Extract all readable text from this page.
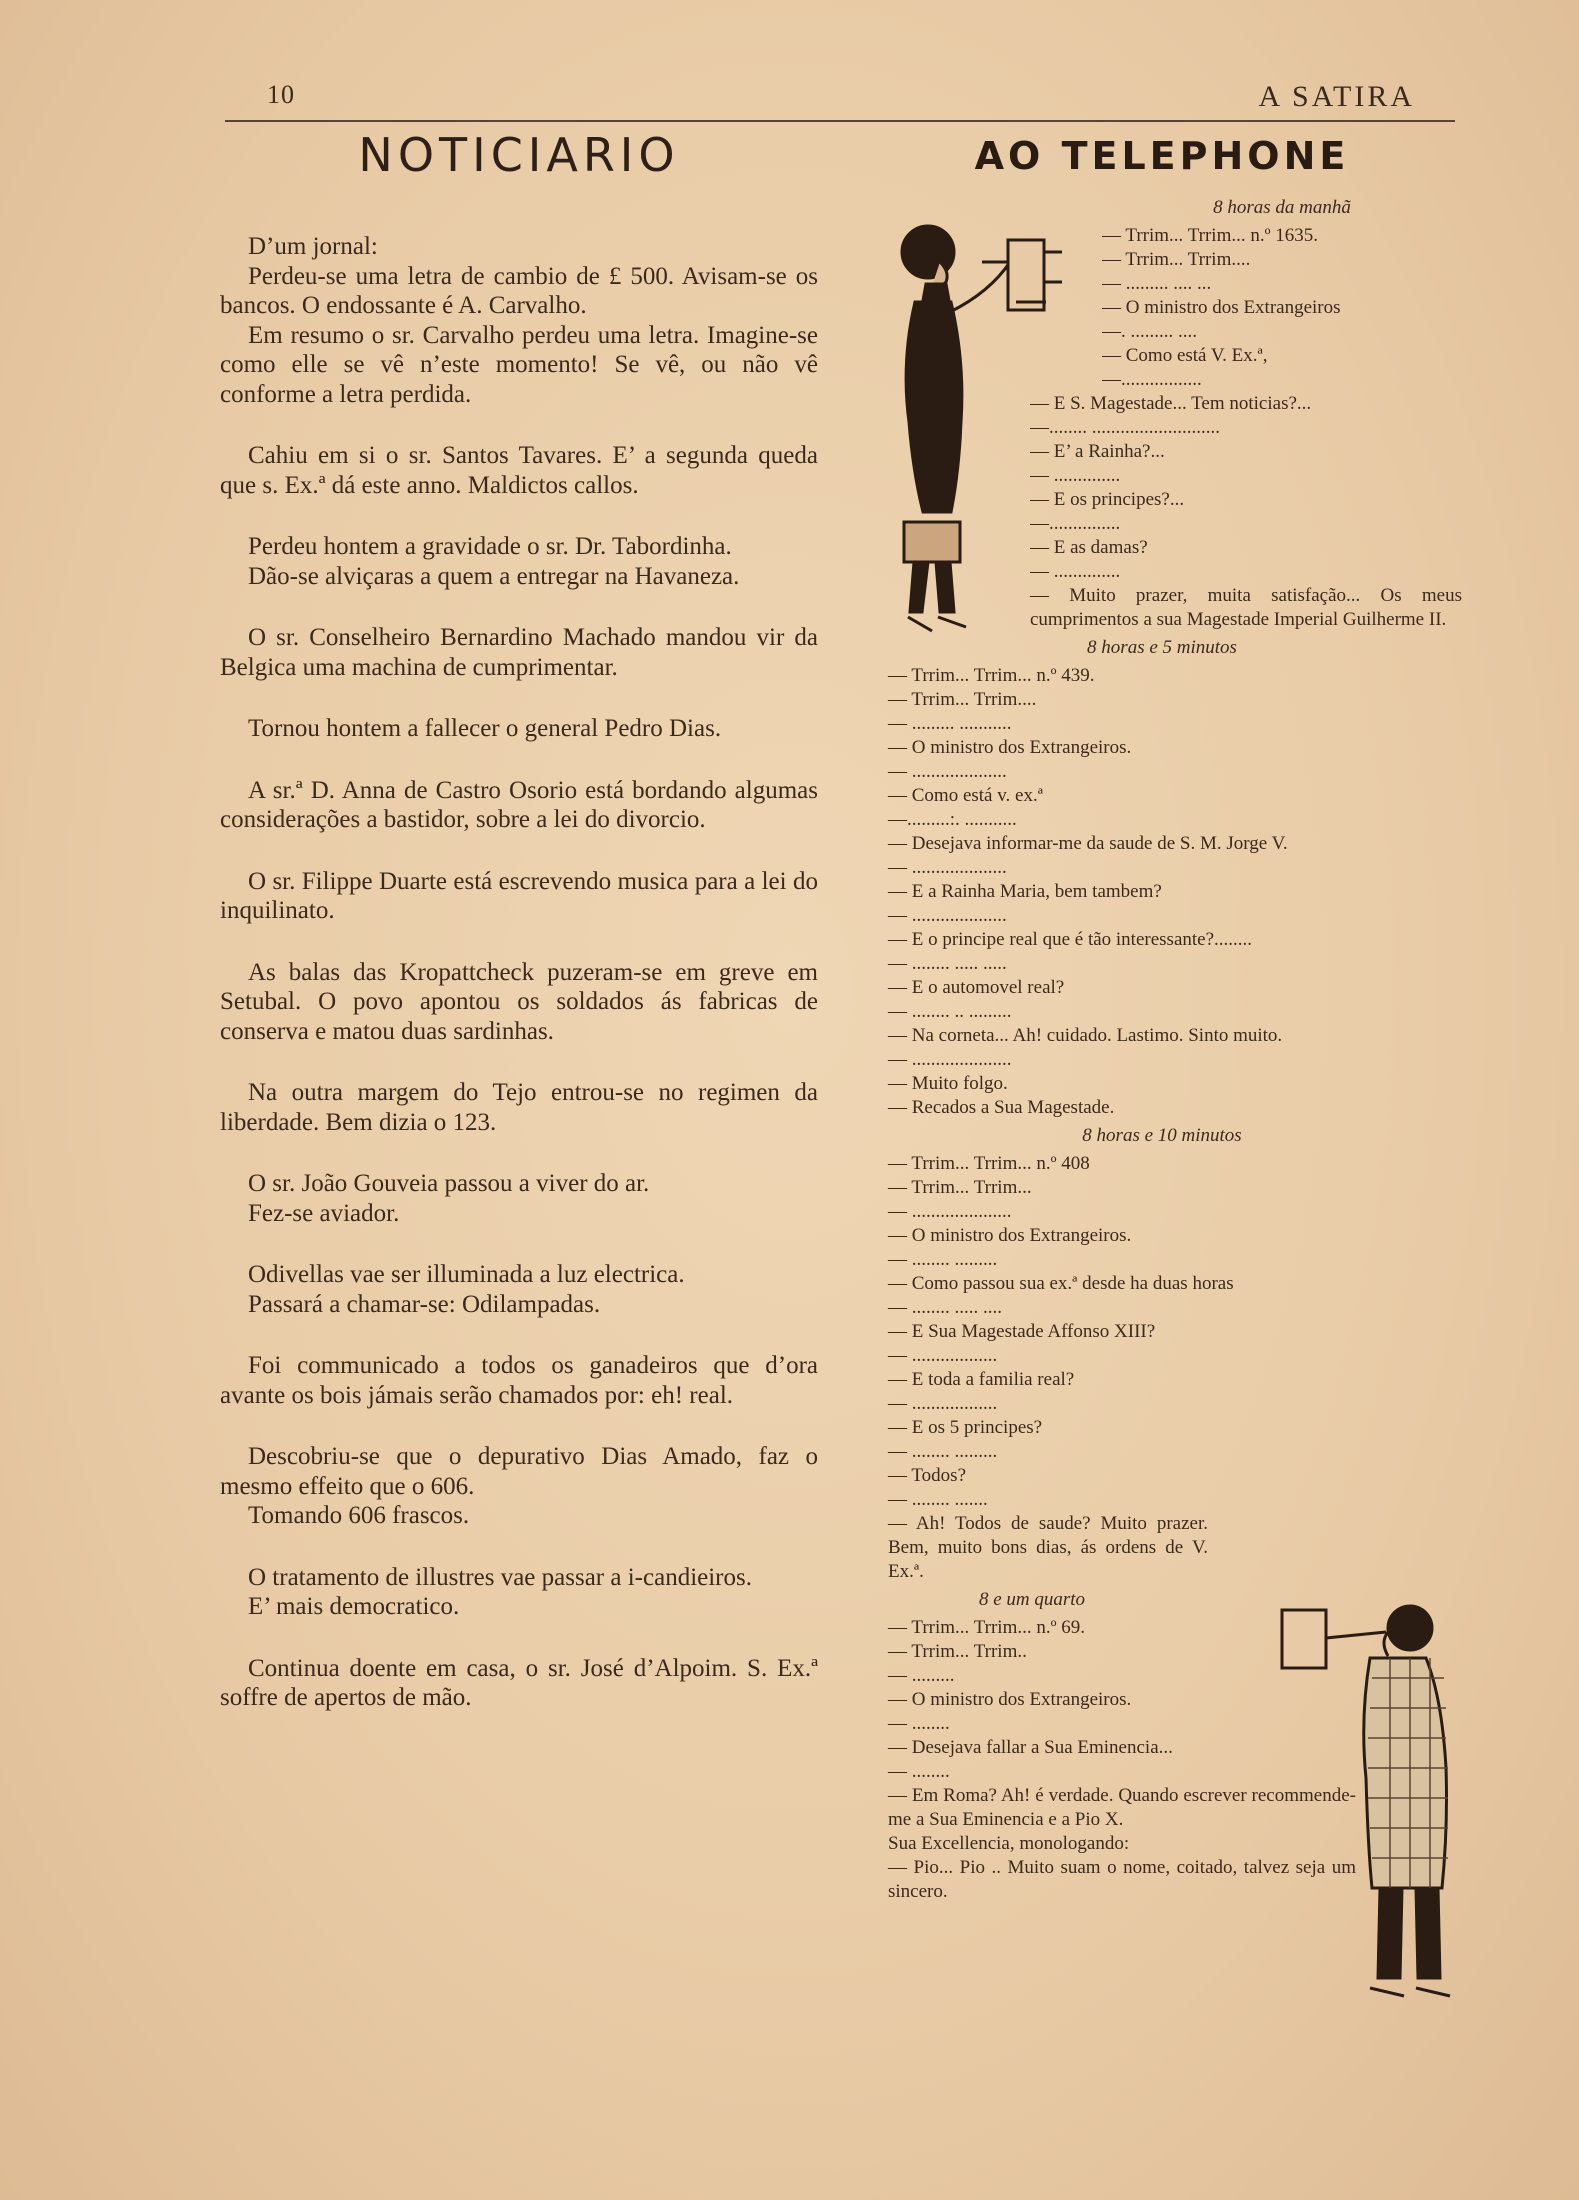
10	A SATIRA
NOTICIARIO

D’um jornal:

Perdeu-se uma letra de cambio de £ 500. Avisam-se os bancos. O endossante é A. Carvalho.

Em resumo o sr. Carvalho perdeu uma letra. Imagine-se como elle se vê n’este momento! Se vê, ou não vê conforme a letra perdida.

Cahiu em si o sr. Santos Tavares. E’ a segunda queda que s. Ex.ª dá este anno. Maldictos callos.

Perdeu hontem a gravidade o sr. Dr. Tabordinha.

Dão-se alviçaras a quem a entregar na Havaneza.

O sr. Conselheiro Bernardino Machado mandou vir da Belgica uma machina de cumprimentar.

Tornou hontem a fallecer o general Pedro Dias.

A sr.ª D. Anna de Castro Osorio está bordando algumas considerações a bastidor, sobre a lei do divorcio.

O sr. Filippe Duarte está escrevendo musica para a lei do inquilinato.

As balas das Kropattcheck puzeram-se em greve em Setubal. O povo apontou os soldados ás fabricas de conserva e matou duas sardinhas.

Na outra margem do Tejo entrou-se no regimen da liberdade. Bem dizia o 123.

O sr. João Gouveia passou a viver do ar.

Fez-se aviador.

Odivellas vae ser illuminada a luz electrica.

Passará a chamar-se: Odilampadas.

Foi communicado a todos os ganadeiros que d’ora avante os bois jámais serão chamados por: eh! real.

Descobriu-se que o depurativo Dias Amado, faz o mesmo effeito que o 606.

Tomando 606 frascos.

O tratamento de illustres vae passar a i-candieiros.

E’ mais democratico.

Continua doente em casa, o sr. José d’Alpoim. S. Ex.ª soffre de apertos de mão.

AO TELEPHONE

8 horas da manhã

— Trrim... Trrim... n.º 1635.

— Trrim... Trrim....

— ......... .... ...

— O ministro dos Extrangeiros

—. ......... ....

— Como está V. Ex.ª,

—.................

— E S. Magestade... Tem noticias?...

—........ ...........................

— E’ a Rainha?...

— ..............

— E os principes?...

—...............

— E as damas?

— ..............

— Muito prazer, muita satisfação... Os meus cumprimentos a sua Magestade Imperial Guilherme II.

8 horas e 5 minutos

— Trrim... Trrim... n.º 439.

— Trrim... Trrim....

— ......... ...........

— O ministro dos Extrangeiros.

— ....................

— Como está v. ex.ª

—.........:. ...........

— Desejava informar-me da saude de S. M. Jorge V.

— ....................

— E a Rainha Maria, bem tambem?

— ....................

— E o principe real que é tão interessante?........

— ........ ..... .....

— E o automovel real?

— ........ .. .........

— Na corneta... Ah! cuidado. Lastimo. Sinto muito.

— .....................

— Muito folgo.

— Recados a Sua Magestade.

8 horas e 10 minutos

— Trrim... Trrim... n.º 408

— Trrim... Trrim...

— .....................

— O ministro dos Extrangeiros.

— ........ .........

— Como passou sua ex.ª desde ha duas horas

— ........ ..... ....

— E Sua Magestade Affonso XIII?

— ..................

— E toda a familia real?

— ..................

— E os 5 principes?

— ........ .........

— Todos?

— ........ .......

— Ah! Todos de saude? Muito prazer. Bem, muito bons dias, ás ordens de V. Ex.ª.

8 e um quarto

— Trrim... Trrim... n.º 69.

— Trrim... Trrim..

— .........

— O ministro dos Extrangeiros.

— ........

— Desejava fallar a Sua Eminencia...

— ........

— Em Roma? Ah! é verdade. Quando escrever recommende-me a Sua Eminencia e a Pio X.

Sua Excellencia, monologando:

— Pio... Pio .. Muito suam o nome, coitado, talvez seja um sincero.
